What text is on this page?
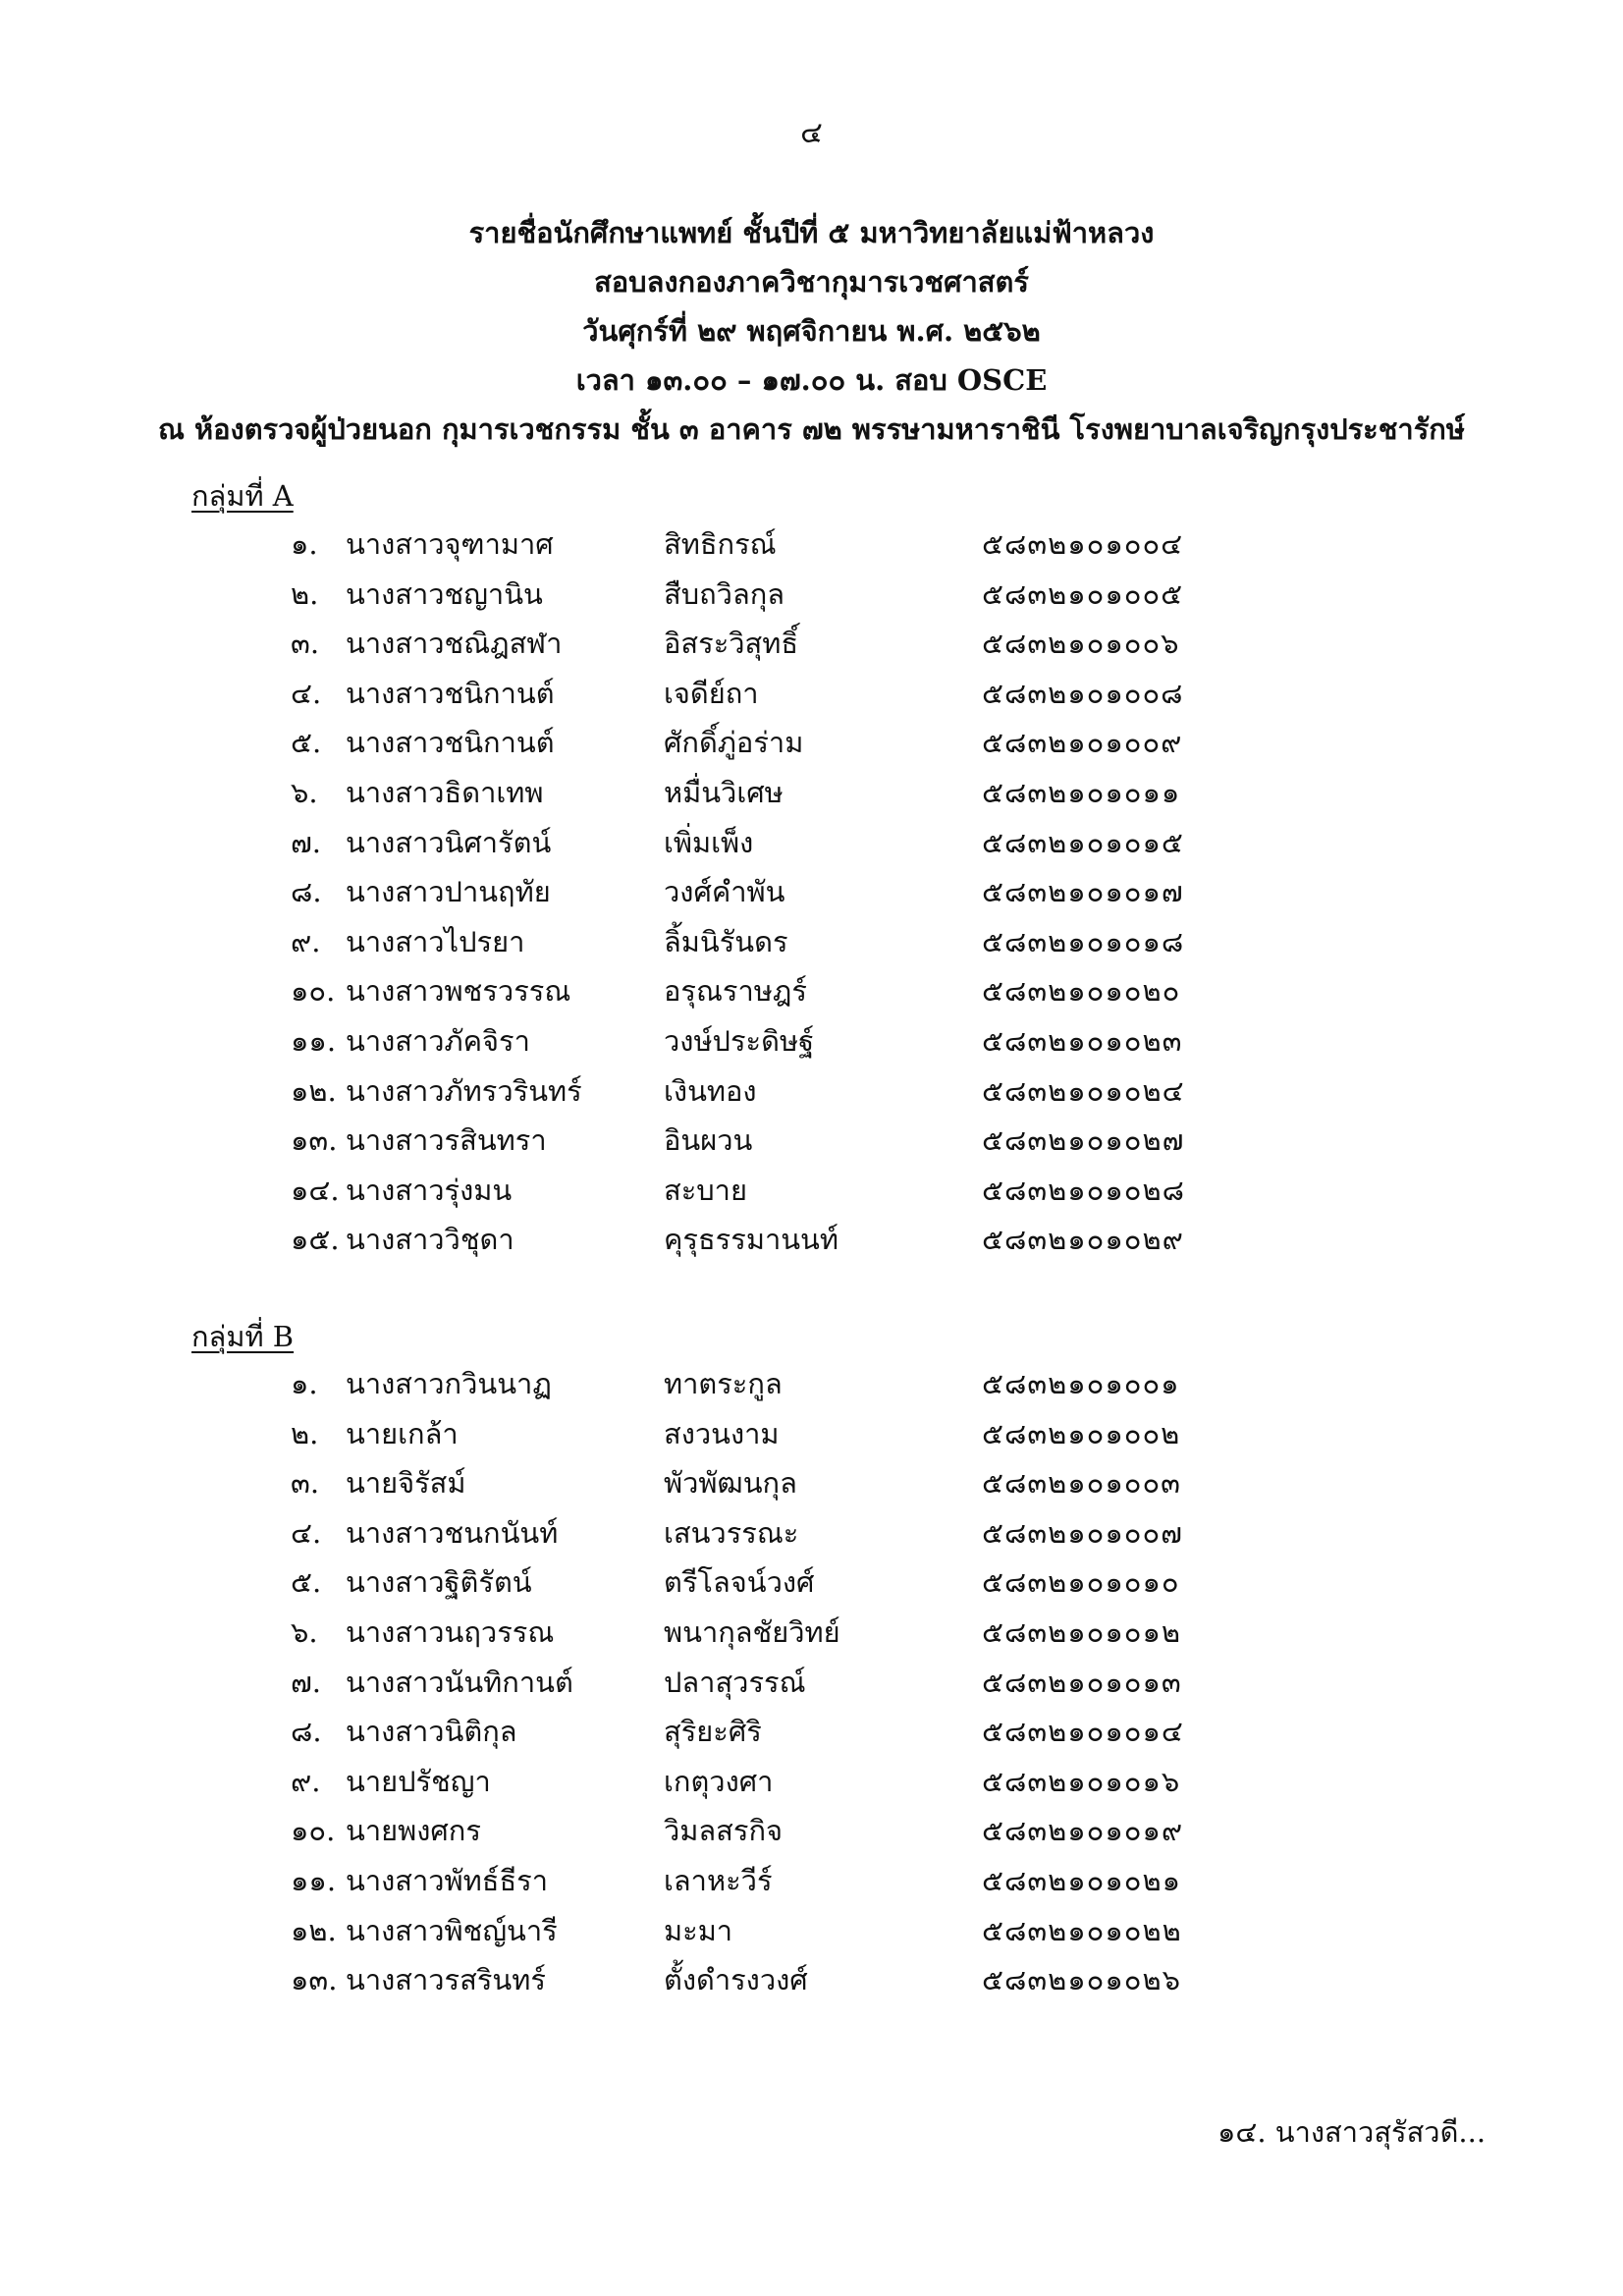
๔
รายชื่อนักศึกษาแพทย์ ชั้นปีที่ ๕ มหาวิทยาลัยแม่ฟ้าหลวง
สอบลงกองภาควิชากุมารเวชศาสตร์
วันศุกร์ที่ ๒๙ พฤศจิกายน พ.ศ. ๒๕๖๒
เวลา ๑๓.๐๐ – ๑๗.๐๐ น. สอบ OSCE
ณ ห้องตรวจผู้ป่วยนอก กุมารเวชกรรม ชั้น ๓ อาคาร ๗๒ พรรษามหาราชินี โรงพยาบาลเจริญกรุงประชารักษ์
กลุ่มที่ A
๑. นางสาวจุฑามาศ	สิทธิกรณ์	๕๘๓๒๑๐๑๐๐๔
๒. นางสาวชญานิน	สืบถวิลกุล	๕๘๓๒๑๐๑๐๐๕
๓. นางสาวชณิฎสฬา	อิสระวิสุทธิ์	๕๘๓๒๑๐๑๐๐๖
๔. นางสาวชนิกานต์	เจดีย์ถา	๕๘๓๒๑๐๑๐๐๘
๕. นางสาวชนิกานต์	ศักดิ์ภู่อร่าม	๕๘๓๒๑๐๑๐๐๙
๖. นางสาวธิดาเทพ	หมื่นวิเศษ	๕๘๓๒๑๐๑๐๑๑
๗. นางสาวนิศารัตน์	เพิ่มเพ็ง	๕๘๓๒๑๐๑๐๑๕
๘. นางสาวปานฤทัย	วงศ์คำพัน	๕๘๓๒๑๐๑๐๑๗
๙. นางสาวไปรยา	ลิ้มนิรันดร	๕๘๓๒๑๐๑๐๑๘
๑๐. นางสาวพชรวรรณ	อรุณราษฎร์	๕๘๓๒๑๐๑๐๒๐
๑๑. นางสาวภัคจิรา	วงษ์ประดิษฐ์	๕๘๓๒๑๐๑๐๒๓
๑๒. นางสาวภัทรวรินทร์	เงินทอง	๕๘๓๒๑๐๑๐๒๔
๑๓. นางสาวรสินทรา	อินผวน	๕๘๓๒๑๐๑๐๒๗
๑๔. นางสาวรุ่งมน	สะบาย	๕๘๓๒๑๐๑๐๒๘
๑๕. นางสาววิชุดา	คุรุธรรมานนท์	๕๘๓๒๑๐๑๐๒๙
กลุ่มที่ B
๑. นางสาวกวินนาฏ	ทาตระกูล	๕๘๓๒๑๐๑๐๐๑
๒. นายเกล้า	สงวนงาม	๕๘๓๒๑๐๑๐๐๒
๓. นายจิรัสม์	พัวพัฒนกุล	๕๘๓๒๑๐๑๐๐๓
๔. นางสาวชนกนันท์	เสนวรรณะ	๕๘๓๒๑๐๑๐๐๗
๕. นางสาวฐิติรัตน์	ตรีโลจน์วงศ์	๕๘๓๒๑๐๑๐๑๐
๖. นางสาวนฤวรรณ	พนากุลชัยวิทย์	๕๘๓๒๑๐๑๐๑๒
๗. นางสาวนันทิกานต์	ปลาสุวรรณ์	๕๘๓๒๑๐๑๐๑๓
๘. นางสาวนิติกุล	สุริยะศิริ	๕๘๓๒๑๐๑๐๑๔
๙. นายปรัชญา	เกตุวงศา	๕๘๓๒๑๐๑๐๑๖
๑๐. นายพงศกร	วิมลสรกิจ	๕๘๓๒๑๐๑๐๑๙
๑๑. นางสาวพัทธ์ธีรา	เลาหะวีร์	๕๘๓๒๑๐๑๐๒๑
๑๒. นางสาวพิชญ์นารี	มะมา	๕๘๓๒๑๐๑๐๒๒
๑๓. นางสาวรสรินทร์	ตั้งดำรงวงศ์	๕๘๓๒๑๐๑๐๒๖
๑๔. นางสาวสุรัสวดี...
